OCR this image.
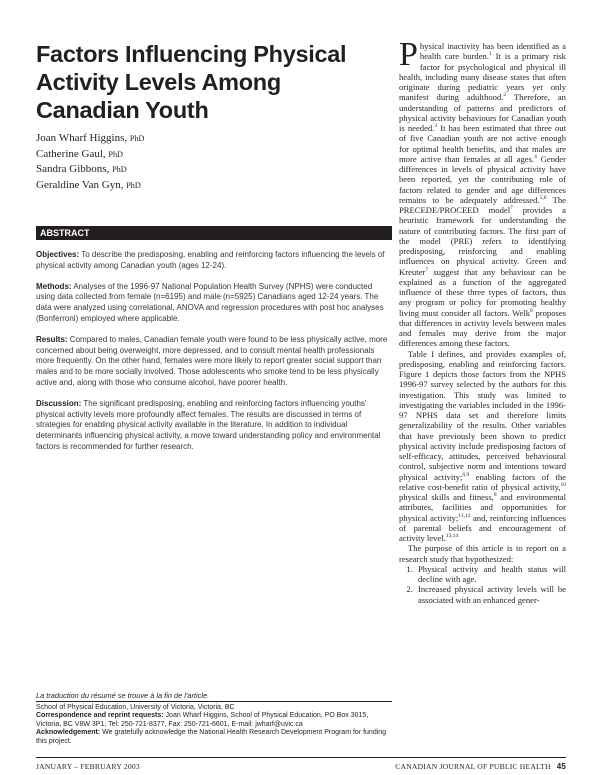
Factors Influencing Physical Activity Levels Among Canadian Youth
Joan Wharf Higgins, PhD
Catherine Gaul, PhD
Sandra Gibbons, PhD
Geraldine Van Gyn, PhD
ABSTRACT

Objectives: To describe the predisposing, enabling and reinforcing factors influencing the levels of physical activity among Canadian youth (ages 12-24).

Methods: Analyses of the 1996-97 National Population Health Survey (NPHS) were conducted using data collected from female (n=6195) and male (n=5925) Canadians aged 12-24 years. The data were analyzed using correlational, ANOVA and regression procedures with post hoc analyses (Bonferroni) employed where applicable.

Results: Compared to males, Canadian female youth were found to be less physically active, more concerned about being overweight, more depressed, and to consult mental health professionals more frequently. On the other hand, females were more likely to report greater social support than males and to be more socially involved. Those adolescents who smoke tend to be less physically active and, along with those who consume alcohol, have poorer health.

Discussion: The significant predisposing, enabling and reinforcing factors influencing youths' physical activity levels more profoundly affect females. The results are discussed in terms of strategies for enabling physical activity available in the literature. In addition to individual determinants influencing physical activity, a move toward understanding policy and environmental factors is recommended for further research.

La traduction du résumé se trouve à la fin de l'article.

School of Physical Education, University of Victoria, Victoria, BC

Correspondence and reprint requests: Joan Wharf Higgins, School of Physical Education, PO Box 3015, Victoria, BC V8W 3P1, Tel: 250-721-8377, Fax: 250-721-6601, E-mail: jwharf@uvic.ca

Acknowledgement: We gratefully acknowledge the National Health Research Development Program for funding this project.

Physical inactivity has been identified as a health care burden.$^1$ It is a primary risk factor for psychological and physical ill health, including many disease states that often originate during pediatric years yet only manifest during adulthood.$^2$ Therefore, an understanding of patterns and predictors of physical activity behaviours for Canadian youth is needed.$^3$ It has been estimated that three out of five Canadian youth are not active enough for optimal health benefits, and that males are more active than females at all ages.$^4$ Gender differences in levels of physical activity have been reported, yet the contributing role of factors related to gender and age differences remains to be adequately addressed.$^{5,6}$ The PRECEDE/PROCEED model$^7$ provides a heuristic framework for understanding the nature of contributing factors. The first part of the model (PRE) refers to identifying predisposing, reinforcing and enabling influences on physical activity. Green and Kreuter$^7$ suggest that any behaviour can be explained as a function of the aggregated influence of these three types of factors, thus any program or policy for promoting healthy living must consider all factors. Welk$^8$ proposes that differences in activity levels between males and females may derive from the major differences among these factors.

Table I defines, and provides examples of, predisposing, enabling and reinforcing factors. Figure 1 depicts those factors from the NPHS 1996-97 survey selected by the authors for this investigation. This study was limited to investigating the variables included in the 1996-97 NPHS data set and therefore limits generalizability of the results. Other variables that have previously been shown to predict physical activity include predisposing factors of self-efficacy, attitudes, perceived behavioural control, subjective norm and intentions toward physical activity;$^{6,9}$ enabling factors of the relative cost-benefit ratio of physical activity,$^{10}$ physical skills and fitness,$^8$ and environmental attributes, facilities and opportunities for physical activity;$^{11,12}$ and, reinforcing influences of parental beliefs and encouragement of activity level.$^{13,14}$

The purpose of this article is to report on a research study that hypothesized:

1. Physical activity and health status will decline with age.
2. Increased physical activity levels will be associated with an enhanced gener-
JANUARY – FEBRUARY 2003	CANADIAN JOURNAL OF PUBLIC HEALTH 45
